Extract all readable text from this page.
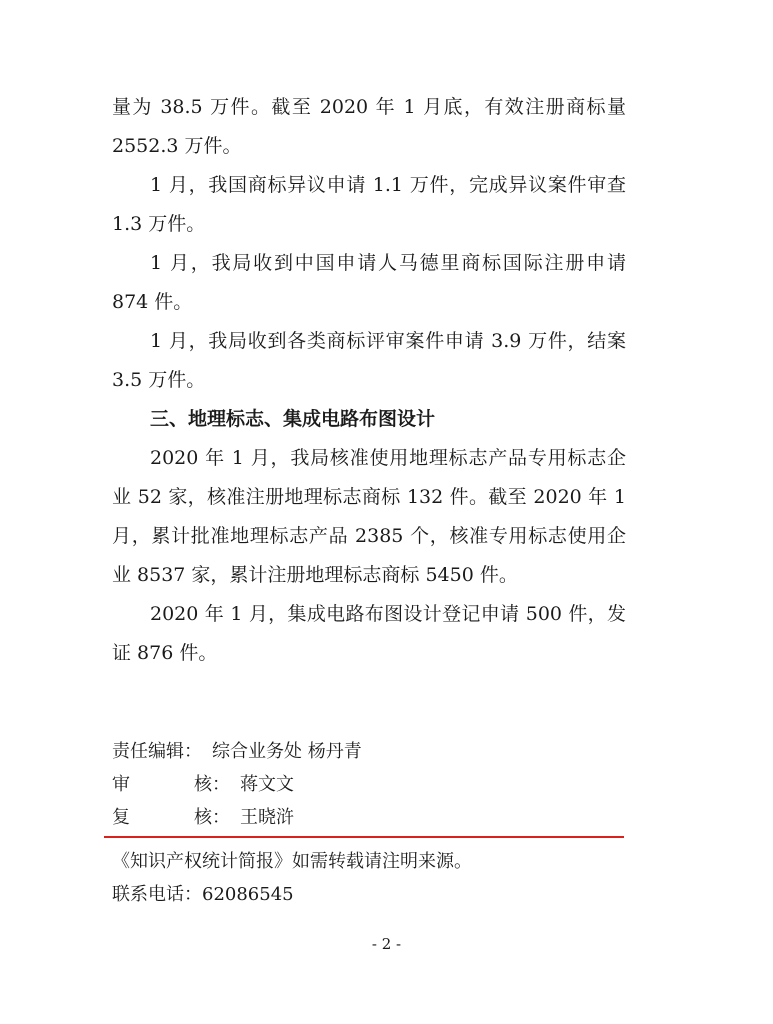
量为 38.5 万件。截至 2020 年 1 月底，有效注册商标量 2552.3 万件。

1 月，我国商标异议申请 1.1 万件，完成异议案件审查 1.3 万件。

1 月，我局收到中国申请人马德里商标国际注册申请 874 件。

1 月，我局收到各类商标评审案件申请 3.9 万件，结案 3.5 万件。

三、地理标志、集成电路布图设计

2020 年 1 月，我局核准使用地理标志产品专用标志企业 52 家，核准注册地理标志商标 132 件。截至 2020 年 1 月，累计批准地理标志产品 2385 个，核准专用标志使用企业 8537 家，累计注册地理标志商标 5450 件。

2020 年 1 月，集成电路布图设计登记申请 500 件，发证 876 件。

责任编辑 ： 综合业务处 杨丹青
审	核 ： 蒋文文
复	核 ： 王晓浒
《知识产权统计简报》如需转载请注明来源。
联系电话：62086545
- 2 -
